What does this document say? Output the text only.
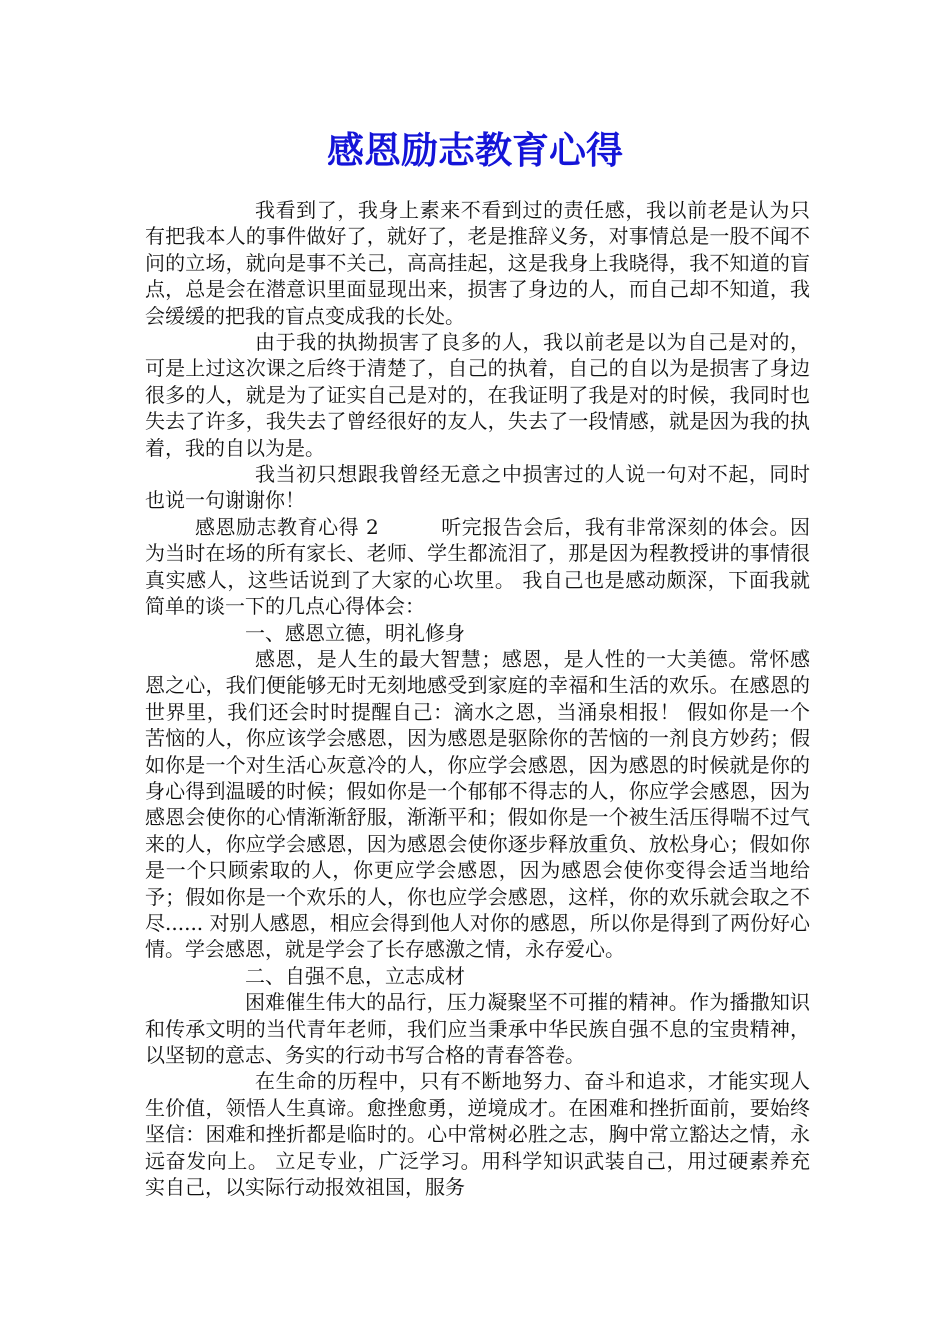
感恩励志教育心得

我看到了，我身上素来不看到过的责任感，我以前老是认为只有把我本人的事件做好了，就好了，老是推辞义务，对事情总是一股不闻不问的立场，就向是事不关己，高高挂起，这是我身上我晓得，我不知道的盲点，总是会在潜意识里面显现出来，损害了身边的人，而自己却不知道，我会缓缓的把我的盲点变成我的长处。

由于我的执拗损害了良多的人，我以前老是以为自己是对的，可是上过这次课之后终于清楚了，自己的执着，自己的自以为是损害了身边很多的人，就是为了证实自己是对的，在我证明了我是对的时候，我同时也失去了许多，我失去了曾经很好的友人，失去了一段情感，就是因为我的执着，我的自以为是。

我当初只想跟我曾经无意之中损害过的人说一句对不起，同时也说一句谢谢你！

感恩励志教育心得 2	听完报告会后，我有非常深刻的体会。因为当时在场的所有家长、老师、学生都流泪了，那是因为程教授讲的事情很真实感人，这些话说到了大家的心坎里。 我自己也是感动颇深，下面我就简单的谈一下的几点心得体会：

一、感恩立德，明礼修身

感恩，是人生的最大智慧；感恩，是人性的一大美德。常怀感恩之心，我们便能够无时无刻地感受到家庭的幸福和生活的欢乐。在感恩的世界里，我们还会时时提醒自己：滴水之恩，当涌泉相报！ 假如你是一个苦恼的人，你应该学会感恩，因为感恩是驱除你的苦恼的一剂良方妙药；假如你是一个对生活心灰意冷的人，你应学会感恩，因为感恩的时候就是你的身心得到温暖的时候；假如你是一个郁郁不得志的人，你应学会感恩，因为感恩会使你的心情渐渐舒服，渐渐平和；假如你是一个被生活压得喘不过气来的人，你应学会感恩，因为感恩会使你逐步释放重负、放松身心；假如你是一个只顾索取的人，你更应学会感恩，因为感恩会使你变得会适当地给予；假如你是一个欢乐的人，你也应学会感恩，这样，你的欢乐就会取之不尽...... 对别人感恩，相应会得到他人对你的感恩，所以你是得到了两份好心情。学会感恩，就是学会了长存感激之情，永存爱心。

二、自强不息，立志成材

困难催生伟大的品行，压力凝聚坚不可摧的精神。作为播撒知识和传承文明的当代青年老师，我们应当秉承中华民族自强不息的宝贵精神，以坚韧的意志、务实的行动书写合格的青春答卷。

在生命的历程中，只有不断地努力、奋斗和追求，才能实现人生价值，领悟人生真谛。愈挫愈勇，逆境成才。在困难和挫折面前，要始终坚信：困难和挫折都是临时的。心中常树必胜之志，胸中常立豁达之情，永远奋发向上。 立足专业，广泛学习。用科学知识武装自己，用过硬素养充实自己，以实际行动报效祖国，服务
